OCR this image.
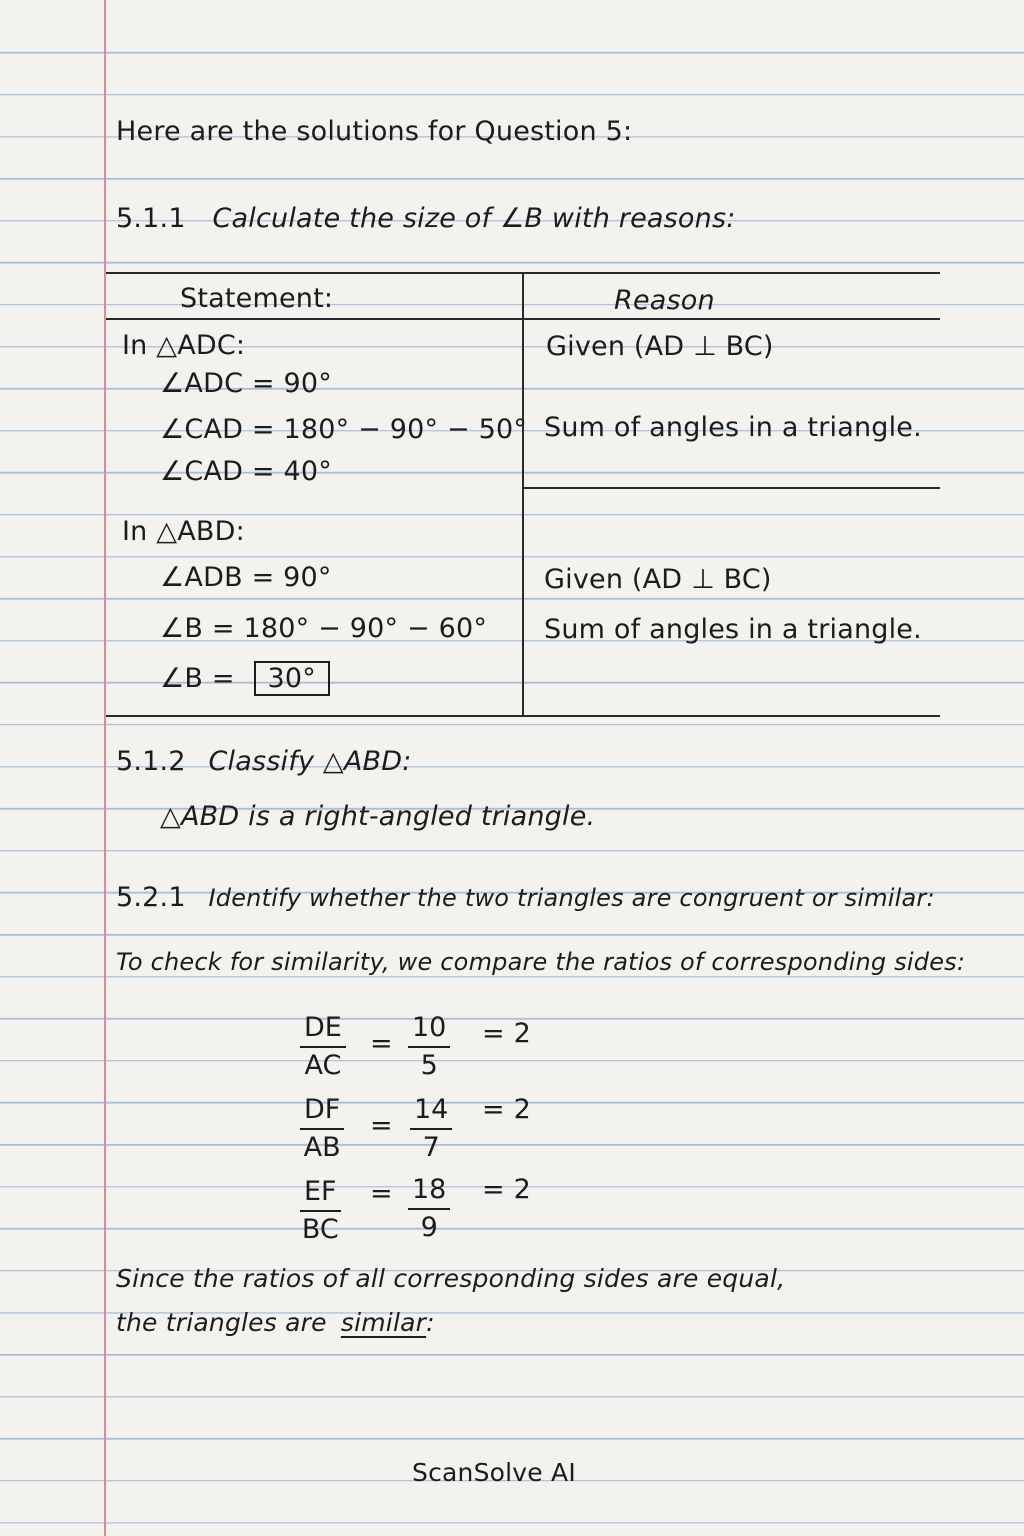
Here are the solutions for Question 5:
5.1.1 Calculate the size of ∠B with reasons:
Statement:	Reason
In △ADC:
∠ADC = 90°
∠CAD = 180° − 90° − 50°
∠CAD = 40°
Given (AD ⊥ BC)
Sum of angles in a triangle.
In △ABD:
∠ADB = 90°
∠B = 180° − 90° − 60°
∠B = 30°
Given (AD ⊥ BC)
Sum of angles in a triangle.
5.1.2 Classify △ABD:
△ABD is a right-angled triangle.
5.2.1 Identify whether the two triangles are congruent or similar:
To check for similarity, we compare the ratios of corresponding sides:
$\frac{DE}{AC} = \frac{10}{5} = 2$
$\frac{DF}{AB} = \frac{14}{7} = 2$
$\frac{EF}{BC} = \frac{18}{9} = 2$
Since the ratios of all corresponding sides are equal,
the triangles are similar:
ScanSolve AI
